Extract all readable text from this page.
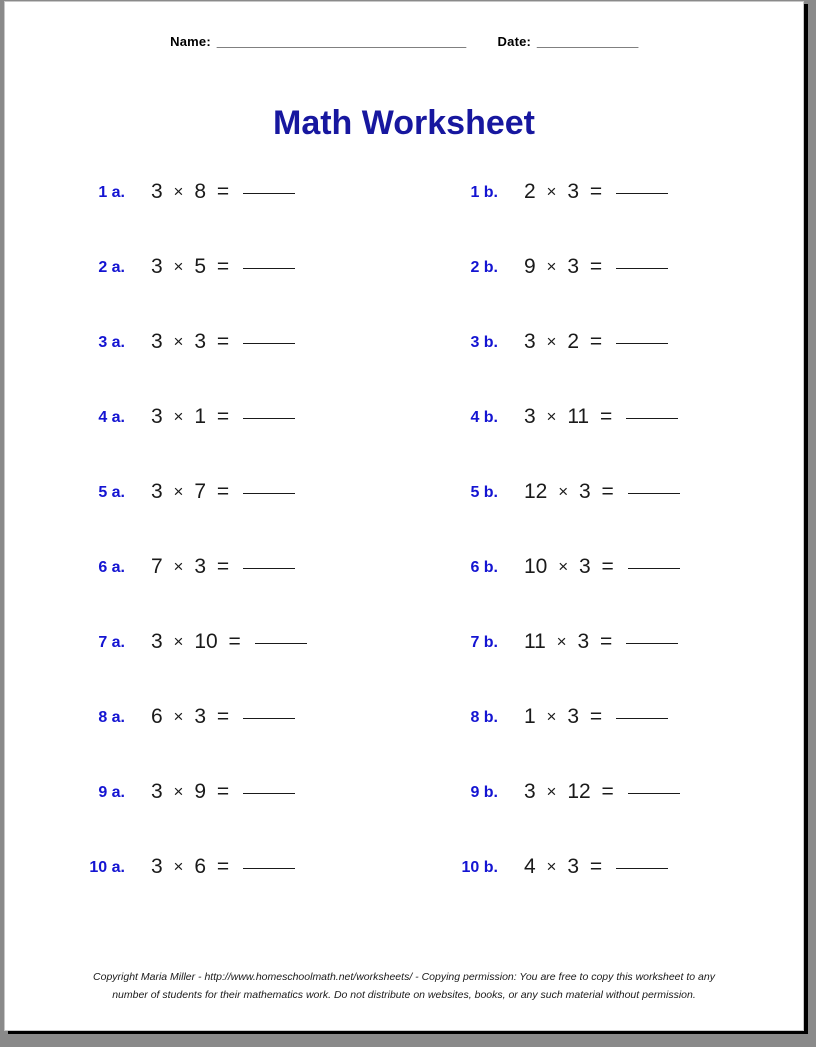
Name: _____________________________________ Date: _______________
Math Worksheet
1 a. 3 × 8 =	1 b. 2 × 3 =
2 a. 3 × 5 =	2 b. 9 × 3 =
3 a. 3 × 3 =	3 b. 3 × 2 =
4 a. 3 × 1 =	4 b. 3 × 11 =
5 a. 3 × 7 =	5 b. 12 × 3 =
6 a. 7 × 3 =	6 b. 10 × 3 =
7 a. 3 × 10 =	7 b. 11 × 3 =
8 a. 6 × 3 =	8 b. 1 × 3 =
9 a. 3 × 9 =	9 b. 3 × 12 =
10 a. 3 × 6 =	10 b. 4 × 3 =
Copyright Maria Miller - http://www.homeschoolmath.net/worksheets/ - Copying permission: You are free to copy this worksheet to any
number of students for their mathematics work. Do not distribute on websites, books, or any such material without permission.
